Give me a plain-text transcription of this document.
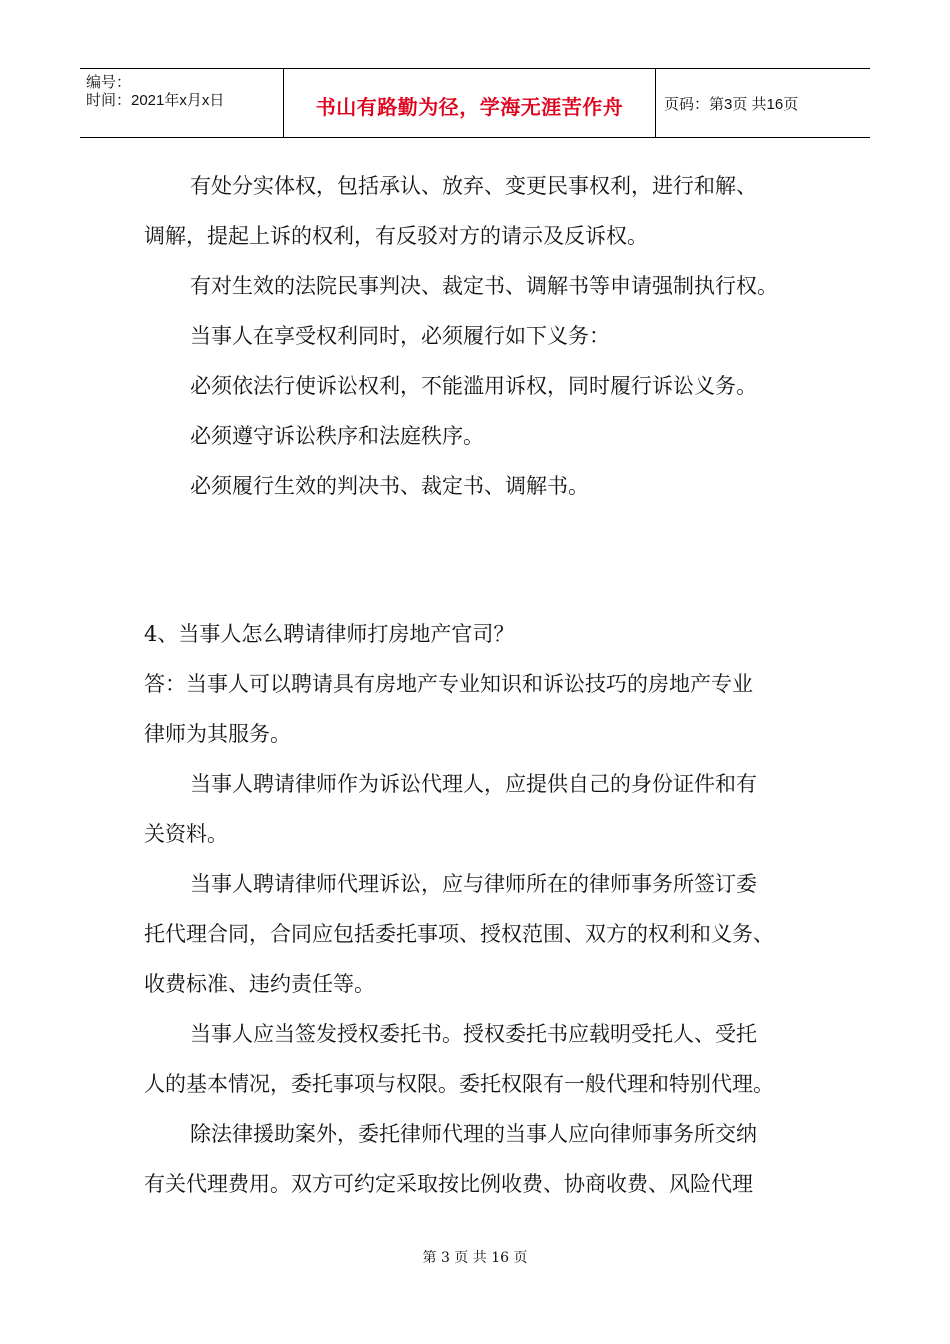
编号：
时间：2021年x月x日	书山有路勤为径，学海无涯苦作舟	页码：第3页 共16页
有处分实体权，包括承认、放弃、变更民事权利，进行和解、
调解，提起上诉的权利，有反驳对方的请示及反诉权。
有对生效的法院民事判决、裁定书、调解书等申请强制执行权。
当事人在享受权利同时，必须履行如下义务：
必须依法行使诉讼权利，不能滥用诉权，同时履行诉讼义务。
必须遵守诉讼秩序和法庭秩序。
必须履行生效的判决书、裁定书、调解书。
4、当事人怎么聘请律师打房地产官司？
答：当事人可以聘请具有房地产专业知识和诉讼技巧的房地产专业
律师为其服务。
当事人聘请律师作为诉讼代理人，应提供自己的身份证件和有
关资料。
当事人聘请律师代理诉讼，应与律师所在的律师事务所签订委
托代理合同，合同应包括委托事项、授权范围、双方的权利和义务、
收费标准、违约责任等。
当事人应当签发授权委托书。授权委托书应载明受托人、受托
人的基本情况，委托事项与权限。委托权限有一般代理和特别代理。
除法律援助案外，委托律师代理的当事人应向律师事务所交纳
有关代理费用。双方可约定采取按比例收费、协商收费、风险代理
第 3 页 共 16 页
